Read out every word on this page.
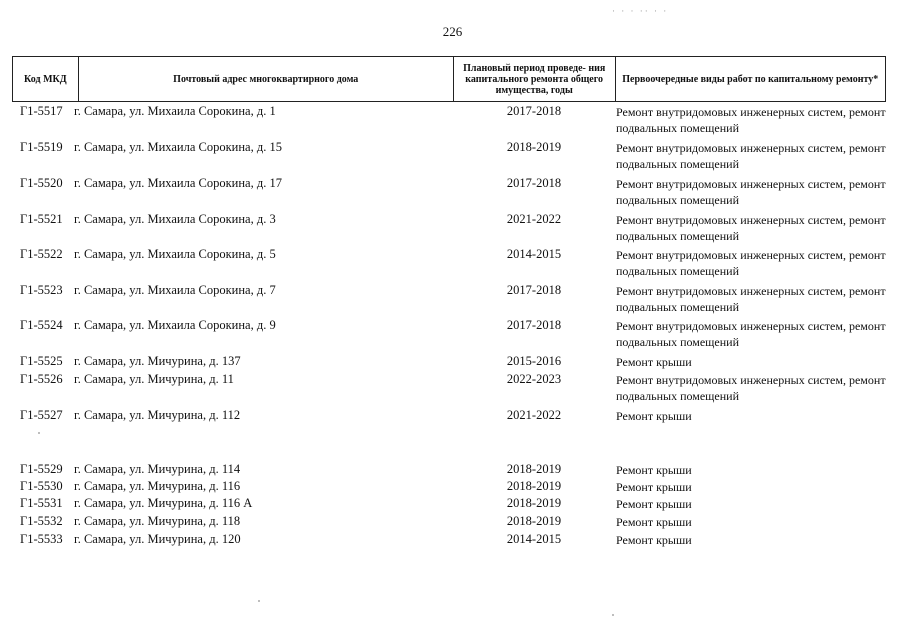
· · · ·· · ·
226
Код МКД	Почтовый адрес многоквартирного дома	Плановый период проведе- ния капитального ремонта общего имущества, годы	Первоочередные виды работ по капитальному ремонту*
Г1-5517 г. Самара, ул. Михаила Сорокина, д. 1	2017-2018	Ремонт внутридомовых инженерных систем, ремонт подвальных помещений
Г1-5519 г. Самара, ул. Михаила Сорокина, д. 15	2018-2019	Ремонт внутридомовых инженерных систем, ремонт подвальных помещений
Г1-5520 г. Самара, ул. Михаила Сорокина, д. 17	2017-2018	Ремонт внутридомовых инженерных систем, ремонт подвальных помещений
Г1-5521 г. Самара, ул. Михаила Сорокина, д. 3	2021-2022	Ремонт внутридомовых инженерных систем, ремонт подвальных помещений
Г1-5522 г. Самара, ул. Михаила Сорокина, д. 5	2014-2015	Ремонт внутридомовых инженерных систем, ремонт подвальных помещений
Г1-5523 г. Самара, ул. Михаила Сорокина, д. 7	2017-2018	Ремонт внутридомовых инженерных систем, ремонт подвальных помещений
Г1-5524 г. Самара, ул. Михаила Сорокина, д. 9	2017-2018	Ремонт внутридомовых инженерных систем, ремонт подвальных помещений
Г1-5525 г. Самара, ул. Мичурина, д. 137	2015-2016	Ремонт крыши
Г1-5526 г. Самара, ул. Мичурина, д. 11	2022-2023	Ремонт внутридомовых инженерных систем, ремонт подвальных помещений
Г1-5527 г. Самара, ул. Мичурина, д. 112	2021-2022	Ремонт крыши
Г1-5529 г. Самара, ул. Мичурина, д. 114	2018-2019	Ремонт крыши
Г1-5530 г. Самара, ул. Мичурина, д. 116	2018-2019	Ремонт крыши
Г1-5531 г. Самара, ул. Мичурина, д. 116 А	2018-2019	Ремонт крыши
Г1-5532 г. Самара, ул. Мичурина, д. 118	2018-2019	Ремонт крыши
Г1-5533 г. Самара, ул. Мичурина, д. 120	2014-2015	Ремонт крыши
